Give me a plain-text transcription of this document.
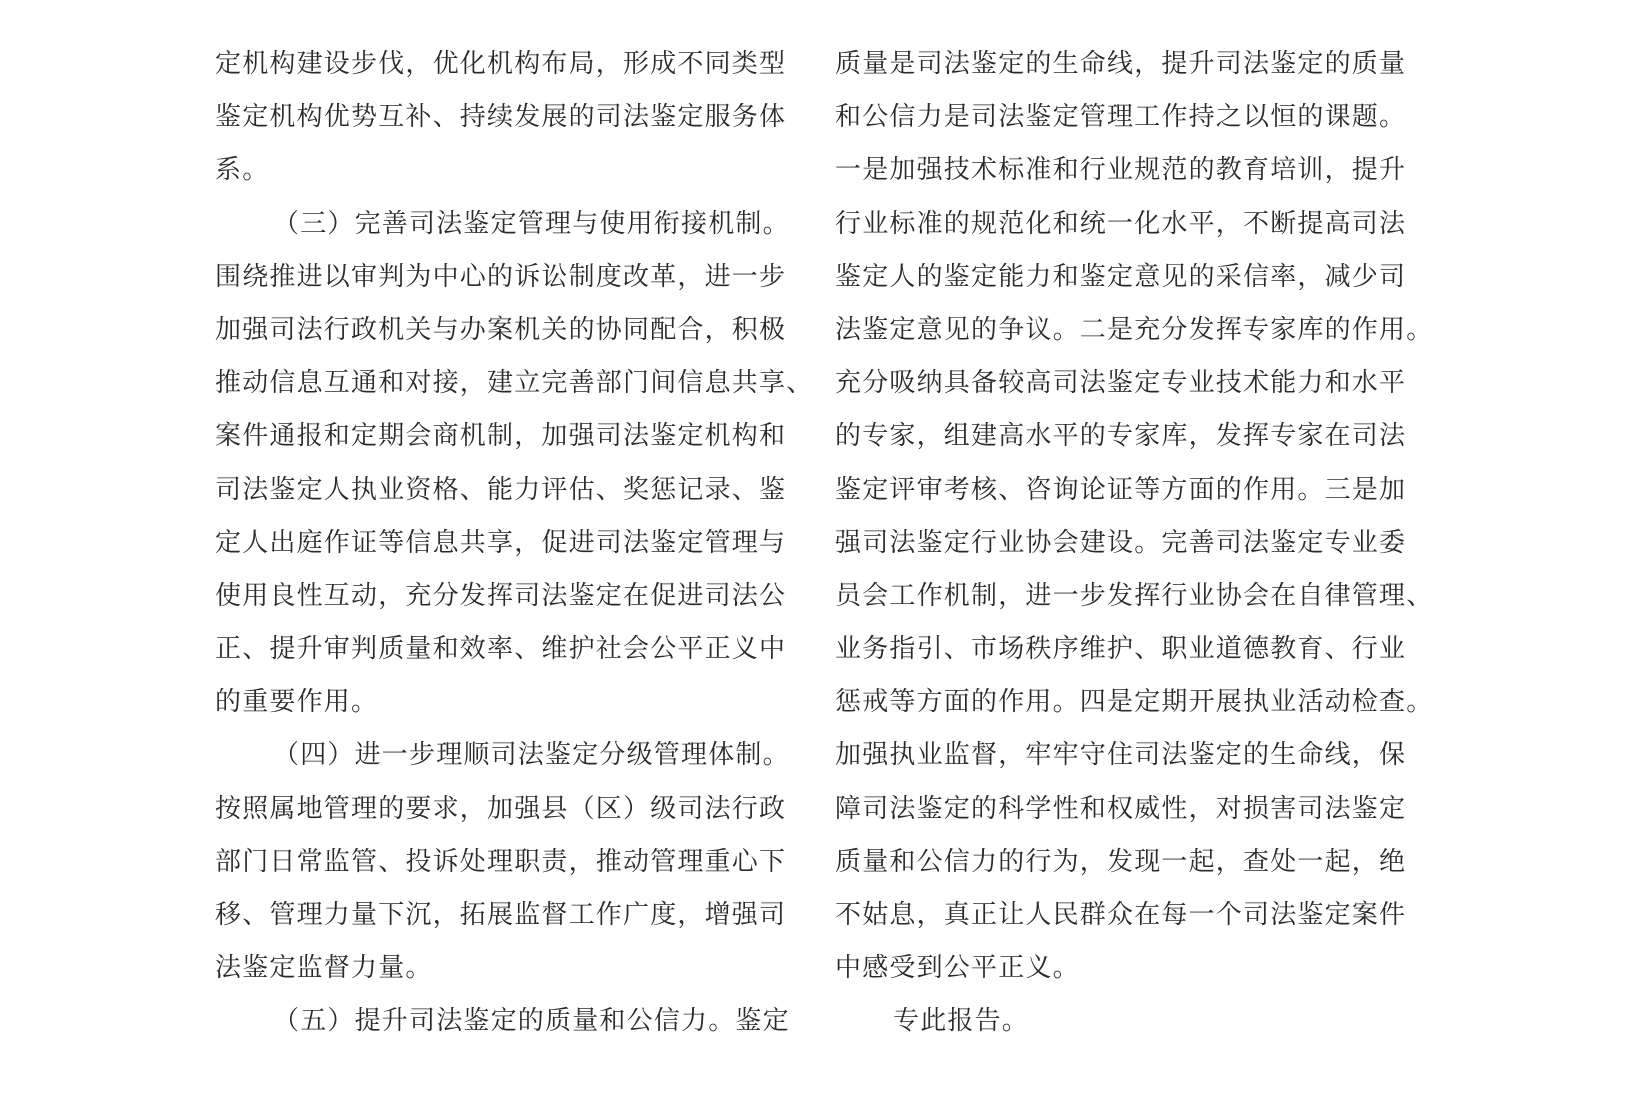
定机构建设步伐，优化机构布局，形成不同类型
鉴定机构优势互补、持续发展的司法鉴定服务体
系。
（三）完善司法鉴定管理与使用衔接机制。
围绕推进以审判为中心的诉讼制度改革，进一步
加强司法行政机关与办案机关的协同配合，积极
推动信息互通和对接，建立完善部门间信息共享、
案件通报和定期会商机制，加强司法鉴定机构和
司法鉴定人执业资格、能力评估、奖惩记录、鉴
定人出庭作证等信息共享，促进司法鉴定管理与
使用良性互动，充分发挥司法鉴定在促进司法公
正、提升审判质量和效率、维护社会公平正义中
的重要作用。
（四）进一步理顺司法鉴定分级管理体制。
按照属地管理的要求，加强县（区）级司法行政
部门日常监管、投诉处理职责，推动管理重心下
移、管理力量下沉，拓展监督工作广度，增强司
法鉴定监督力量。
（五）提升司法鉴定的质量和公信力。鉴定
质量是司法鉴定的生命线，提升司法鉴定的质量
和公信力是司法鉴定管理工作持之以恒的课题。
一是加强技术标准和行业规范的教育培训，提升
行业标准的规范化和统一化水平，不断提高司法
鉴定人的鉴定能力和鉴定意见的采信率，减少司
法鉴定意见的争议。二是充分发挥专家库的作用。
充分吸纳具备较高司法鉴定专业技术能力和水平
的专家，组建高水平的专家库，发挥专家在司法
鉴定评审考核、咨询论证等方面的作用。三是加
强司法鉴定行业协会建设。完善司法鉴定专业委
员会工作机制，进一步发挥行业协会在自律管理、
业务指引、市场秩序维护、职业道德教育、行业
惩戒等方面的作用。四是定期开展执业活动检查。
加强执业监督，牢牢守住司法鉴定的生命线，保
障司法鉴定的科学性和权威性，对损害司法鉴定
质量和公信力的行为，发现一起，查处一起，绝
不姑息，真正让人民群众在每一个司法鉴定案件
中感受到公平正义。
专此报告。
